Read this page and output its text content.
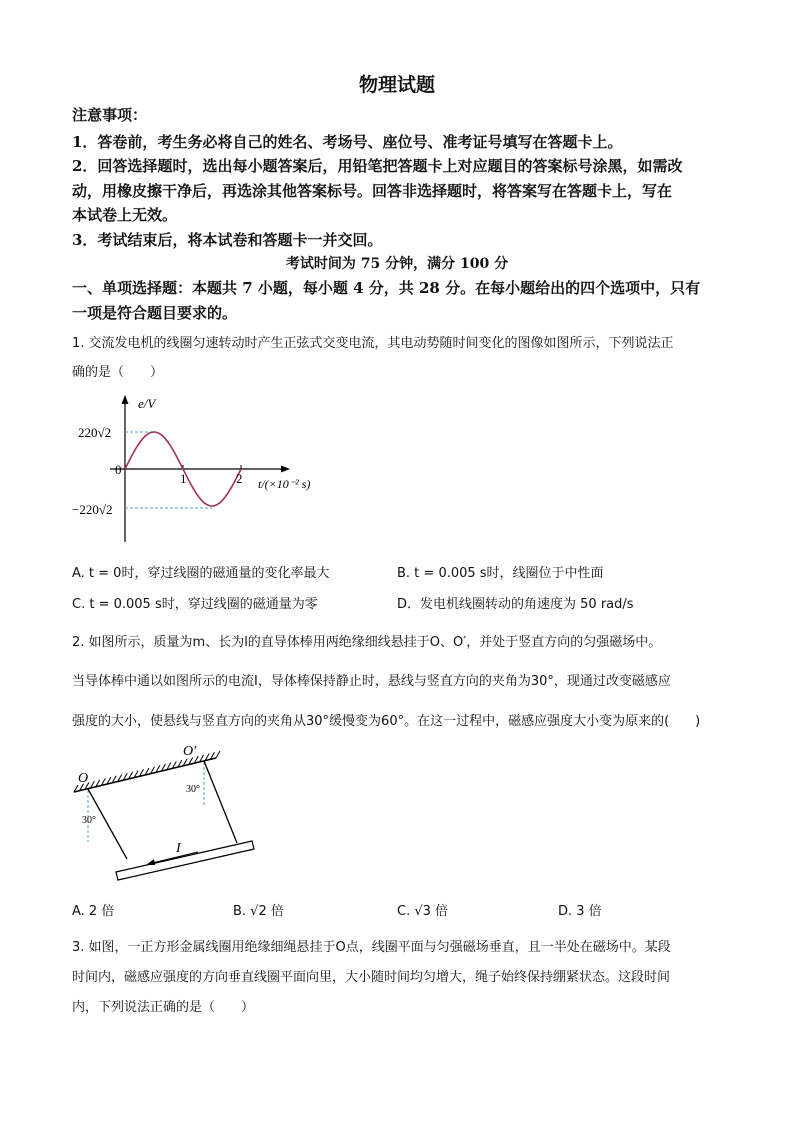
物理试题
注意事项：
1．答卷前，考生务必将自己的姓名、考场号、座位号、准考证号填写在答题卡上。
2．回答选择题时，选出每小题答案后，用铅笔把答题卡上对应题目的答案标号涂黑，如需改
动，用橡皮擦干净后，再选涂其他答案标号。回答非选择题时，将答案写在答题卡上，写在
本试卷上无效。
3．考试结束后，将本试卷和答题卡一并交回。
考试时间为 75 分钟，满分 100 分
一、单项选择题：本题共 7 小题，每小题 4 分，共 28 分。在每小题给出的四个选项中，只有
一项是符合题目要求的。
1. 交流发电机的线圈匀速转动时产生正弦式交变电流，其电动势随时间变化的图像如图所示，下列说法正
确的是（　　）
e/V
220√2
0
1	2 t/(×10⁻² s)
−220√2
A. t = 0时，穿过线圈的磁通量的变化率最大	B. t = 0.005 s时，线圈位于中性面
C. t = 0.005 s时，穿过线圈的磁通量为零	D．发电机线圈转动的角速度为 50 rad/s
2. 如图所示，质量为m、长为l的直导体棒用两绝缘细线悬挂于O、O′，并处于竖直方向的匀强磁场中。
当导体棒中通以如图所示的电流I，导体棒保持静止时，悬线与竖直方向的夹角为30°，现通过改变磁感应
强度的大小，使悬线与竖直方向的夹角从30°缓慢变为60°。在这一过程中，磁感应强度大小变为原来的(　　)
O
O′
30°
30°
I
A. 2 倍	B. √2 倍	C. √3 倍	D. 3 倍
3. 如图，一正方形金属线圈用绝缘细绳悬挂于O点，线圈平面与匀强磁场垂直，且一半处在磁场中。某段
时间内，磁感应强度的方向垂直线圈平面向里，大小随时间均匀增大，绳子始终保持绷紧状态。这段时间
内，下列说法正确的是（　　）
